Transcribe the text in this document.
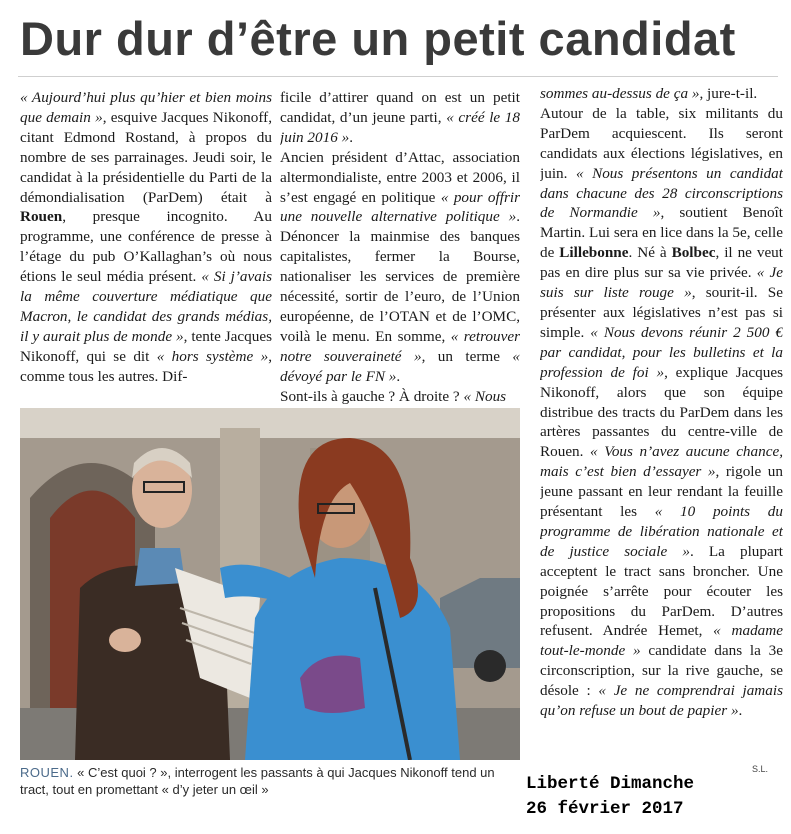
Dur dur d’être un petit candidat

« Aujourd’hui plus qu’hier et bien moins que demain », esquive Jacques Nikonoff, citant Edmond Rostand, à propos du nombre de ses parrainages. Jeudi soir, le candidat à la présidentielle du Parti de la démondialisation (ParDem) était à Rouen, presque incognito. Au programme, une conférence de presse à l’étage du pub O’Kallaghan’s où nous étions le seul média présent. « Si j’avais la même couverture médiatique que Macron, le candidat des grands médias, il y aurait plus de monde », tente Jacques Nikonoff, qui se dit « hors système », comme tous les autres. Dif-

ficile d’attirer quand on est un petit candidat, d’un jeune parti, « créé le 18 juin 2016 ».

Ancien président d’Attac, association altermondialiste, entre 2003 et 2006, il s’est engagé en politique « pour offrir une nouvelle alternative politique ». Dénoncer la mainmise des banques capitalistes, fermer la Bourse, nationaliser les services de première nécessité, sortir de l’euro, de l’Union européenne, de l’OTAN et de l’OMC, voilà le menu. En somme, « retrouver notre souveraineté », un terme « dévoyé par le FN ».

Sont-ils à gauche ? À droite ? « Nous

sommes au-dessus de ça », jure-t-il.

Autour de la table, six militants du ParDem acquiescent. Ils seront candidats aux élections législatives, en juin. « Nous présentons un candidat dans chacune des 28 circonscriptions de Normandie », soutient Benoît Martin. Lui sera en lice dans la 5e, celle de Lillebonne. Né à Bolbec, il ne veut pas en dire plus sur sa vie privée. « Je suis sur liste rouge », sourit-il. Se présenter aux législatives n’est pas si simple. « Nous devons réunir 2 500 € par candidat, pour les bulletins et la profession de foi », explique Jacques Nikonoff, alors que son équipe distribue des tracts du ParDem dans les artères passantes du centre-ville de Rouen. « Vous n’avez aucune chance, mais c’est bien d’essayer », rigole un jeune passant en leur rendant la feuille présentant les « 10 points du programme de libération nationale et de justice sociale ». La plupart acceptent le tract sans broncher. Une poignée s’arrête pour écouter les propositions du ParDem. D’autres refusent. Andrée Hemet, « madame tout-le-monde » candidate dans la 3e circonscription, sur la rive gauche, se désole : « Je ne comprendrai jamais qu’on refuse un bout de papier ».

ROUEN. « C’est quoi ? », interrogent les passants à qui Jacques Nikonoff tend un tract, tout en promettant « d’y jeter un œil »
S.L.
Liberté Dimanche
26 février 2017
